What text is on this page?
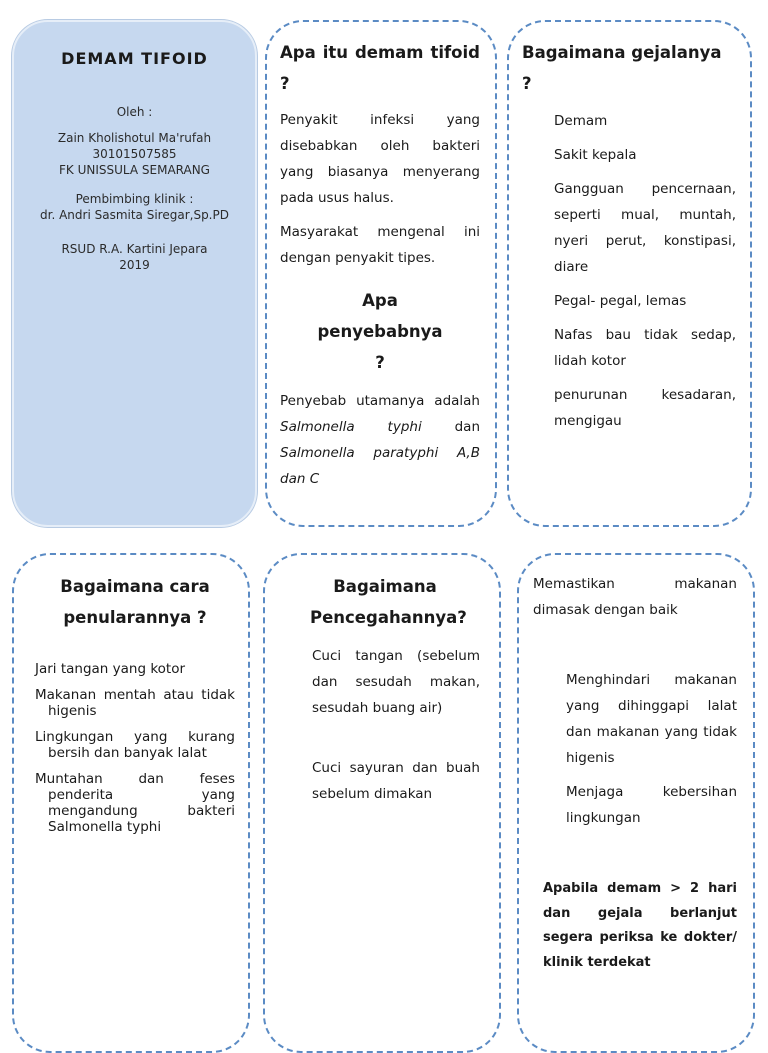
DEMAM TIFOID
Oleh :
Zain Kholishotul Ma'rufah
30101507585
FK UNISSULA SEMARANG
Pembimbing klinik :
dr. Andri Sasmita Siregar,Sp.PD
RSUD R.A. Kartini Jepara
2019

Apa itu demam tifoid ?

Penyakit infeksi yang disebabkan oleh bakteri yang biasanya menyerang pada usus halus.

Masyarakat mengenal ini dengan penyakit tipes.

Apa penyebabnya ?

Penyebab utamanya adalah Salmonella typhi dan Salmonella paratyphi A,B dan C

Bagaimana gejalanya ?

Demam

Sakit kepala

Gangguan pencernaan, seperti mual, muntah, nyeri perut, konstipasi, diare

Pegal- pegal, lemas

Nafas bau tidak sedap, lidah kotor

penurunan kesadaran, mengigau

Bagaimana cara penularannya ?

Jari tangan yang kotor

Makanan mentah atau tidak higenis

Lingkungan yang kurang bersih dan banyak lalat

Muntahan dan feses penderita yang mengandung bakteri Salmonella typhi

Bagaimana Pencegahannya?

Cuci tangan (sebelum dan sesudah makan, sesudah buang air)

Cuci sayuran dan buah sebelum dimakan

Memastikan makanan dimasak dengan baik

Menghindari makanan yang dihinggapi lalat dan makanan yang tidak higenis

Menjaga kebersihan lingkungan

Apabila demam > 2 hari dan gejala berlanjut segera periksa ke dokter/ klinik terdekat
